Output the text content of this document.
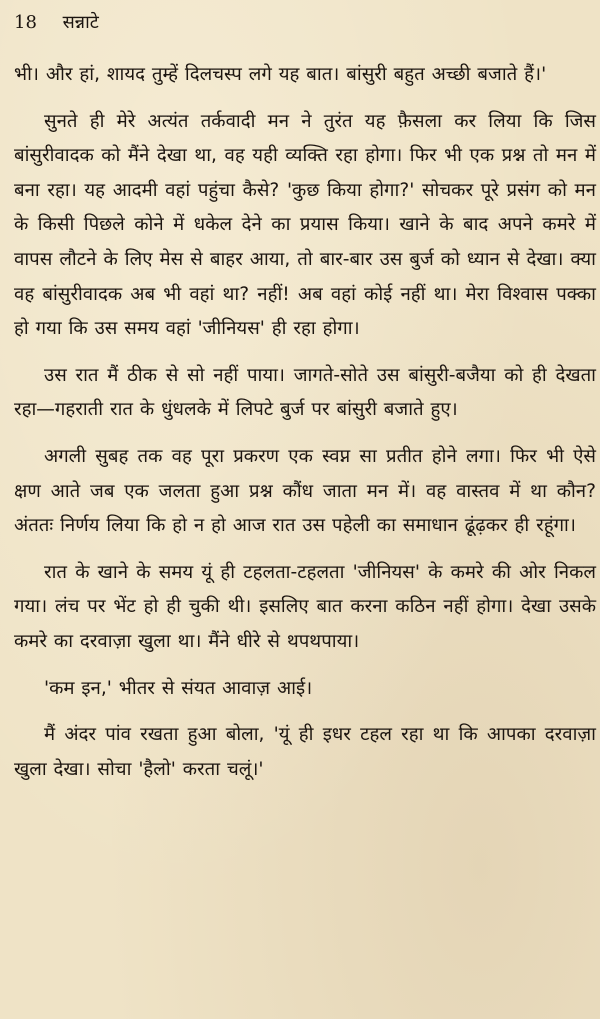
18 सन्नाटे

भी। और हां, शायद तुम्हें दिलचस्प लगे यह बात। बांसुरी बहुत अच्छी बजाते हैं।'

सुनते ही मेरे अत्यंत तर्कवादी मन ने तुरंत यह फ़ैसला कर लिया कि जिस बांसुरीवादक को मैंने देखा था, वह यही व्यक्ति रहा होगा। फिर भी एक प्रश्न तो मन में बना रहा। यह आदमी वहां पहुंचा कैसे? 'कुछ किया होगा?' सोचकर पूरे प्रसंग को मन के किसी पिछले कोने में धकेल देने का प्रयास किया। खाने के बाद अपने कमरे में वापस लौटने के लिए मेस से बाहर आया, तो बार-बार उस बुर्ज को ध्यान से देखा। क्या वह बांसुरीवादक अब भी वहां था? नहीं! अब वहां कोई नहीं था। मेरा विश्वास पक्का हो गया कि उस समय वहां 'जीनियस' ही रहा होगा।

उस रात मैं ठीक से सो नहीं पाया। जागते-सोते उस बांसुरी-बजैया को ही देखता रहा—गहराती रात के धुंधलके में लिपटे बुर्ज पर बांसुरी बजाते हुए।

अगली सुबह तक वह पूरा प्रकरण एक स्वप्न सा प्रतीत होने लगा। फिर भी ऐसे क्षण आते जब एक जलता हुआ प्रश्न कौंध जाता मन में। वह वास्तव में था कौन? अंततः निर्णय लिया कि हो न हो आज रात उस पहेली का समाधान ढूंढ़कर ही रहूंगा।

रात के खाने के समय यूं ही टहलता-टहलता 'जीनियस' के कमरे की ओर निकल गया। लंच पर भेंट हो ही चुकी थी। इसलिए बात करना कठिन नहीं होगा। देखा उसके कमरे का दरवाज़ा खुला था। मैंने धीरे से थपथपाया।

'कम इन,' भीतर से संयत आवाज़ आई।

मैं अंदर पांव रखता हुआ बोला, 'यूं ही इधर टहल रहा था कि आपका दरवाज़ा खुला देखा। सोचा 'हैलो' करता चलूं।'
